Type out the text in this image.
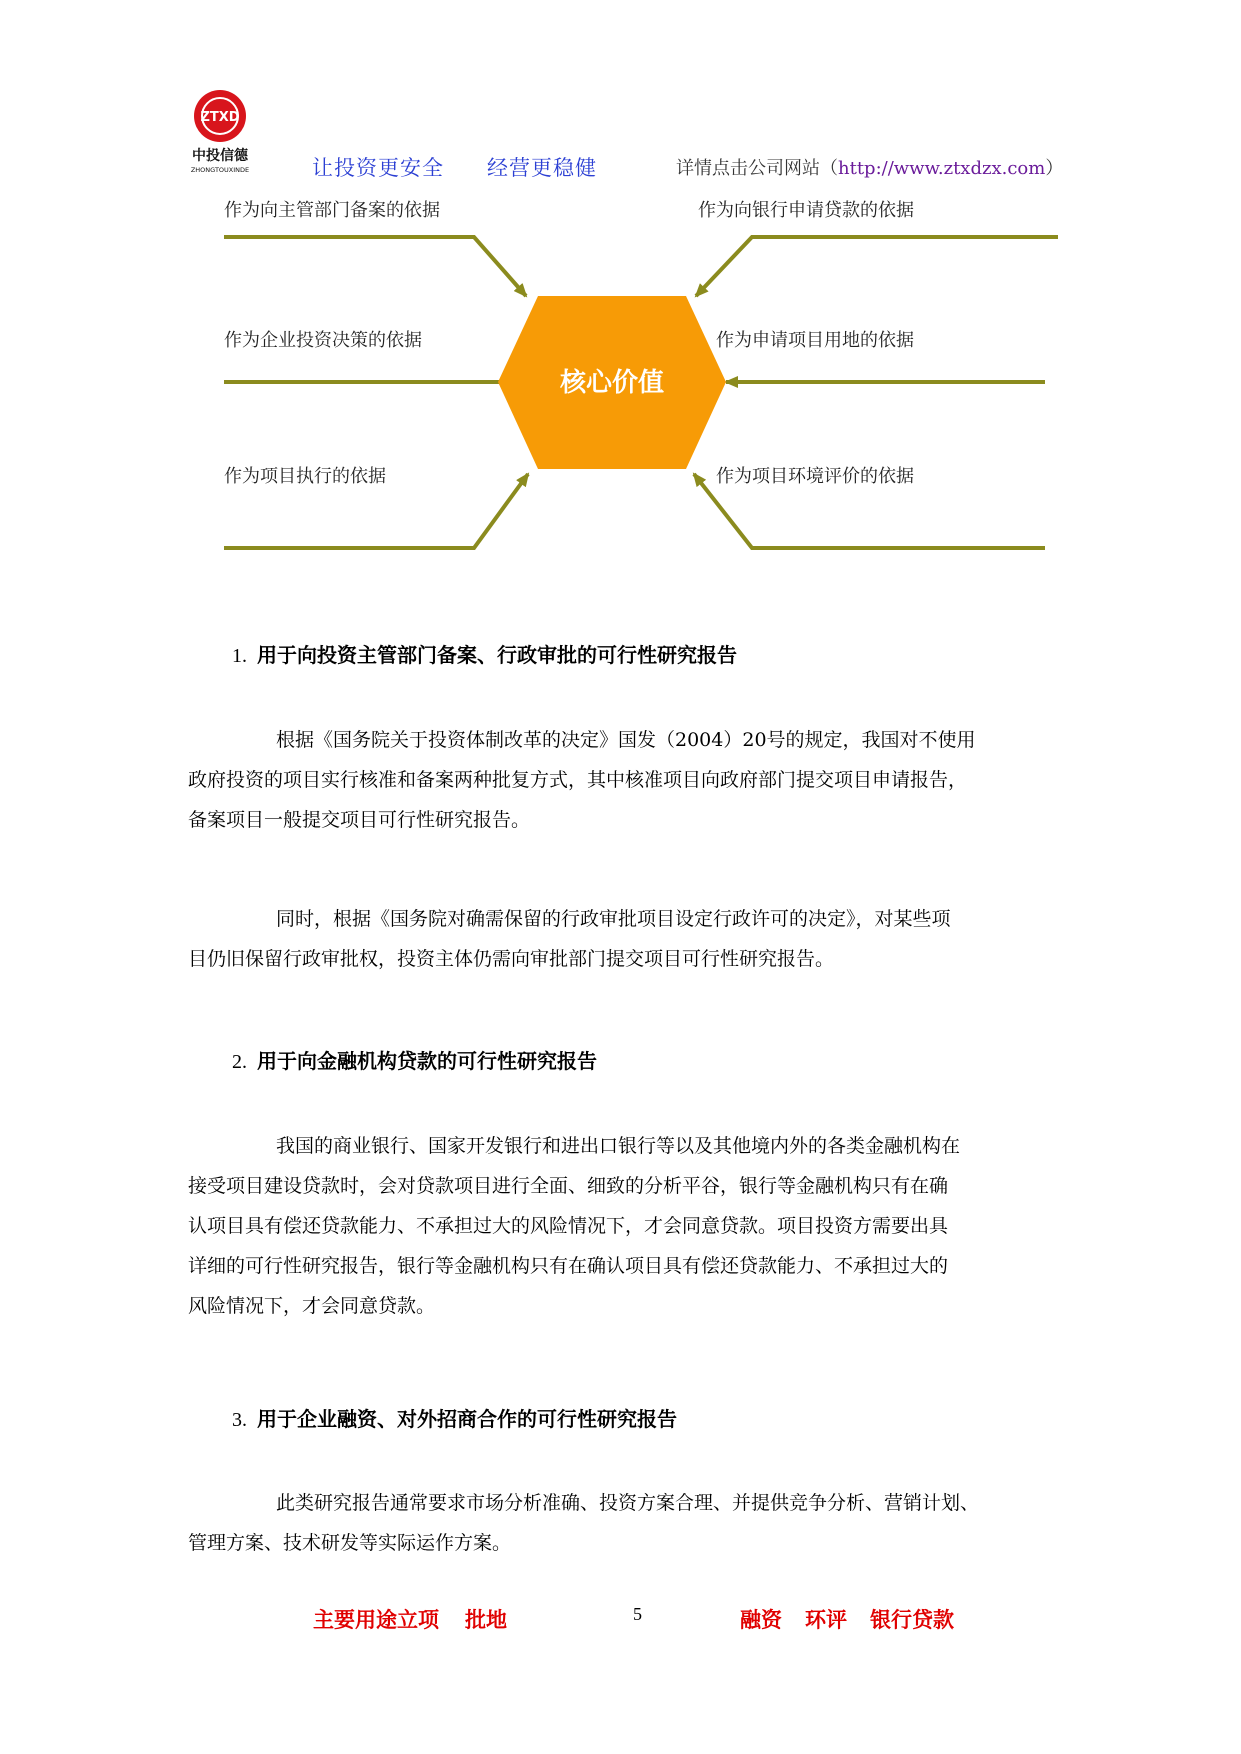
ZTXD
中投信德
ZHONGTOUXINDE	让投资更安全 经营更稳健	详情点击公司网站（http://www.ztxdzx.com）
核心价值
作为向主管部门备案的依据
作为企业投资决策的依据
作为项目执行的依据
作为向银行申请贷款的依据
作为申请项目用地的依据
作为项目环境评价的依据
1. 用于向投资主管部门备案、行政审批的可行性研究报告

根据《国务院关于投资体制改革的决定》国发（2004）20号的规定，我国对不使用

政府投资的项目实行核准和备案两种批复方式，其中核准项目向政府部门提交项目申请报告，

备案项目一般提交项目可行性研究报告。

同时，根据《国务院对确需保留的行政审批项目设定行政许可的决定》，对某些项

目仍旧保留行政审批权，投资主体仍需向审批部门提交项目可行性研究报告。

2. 用于向金融机构贷款的可行性研究报告

我国的商业银行、国家开发银行和进出口银行等以及其他境内外的各类金融机构在

接受项目建设贷款时，会对贷款项目进行全面、细致的分析平谷，银行等金融机构只有在确

认项目具有偿还贷款能力、不承担过大的风险情况下，才会同意贷款。项目投资方需要出具

详细的可行性研究报告，银行等金融机构只有在确认项目具有偿还贷款能力、不承担过大的

风险情况下，才会同意贷款。

3. 用于企业融资、对外招商合作的可行性研究报告

此类研究报告通常要求市场分析准确、投资方案合理、并提供竞争分析、营销计划、

管理方案、技术研发等实际运作方案。

主要用途立项 批地	5	融资 环评 银行贷款
